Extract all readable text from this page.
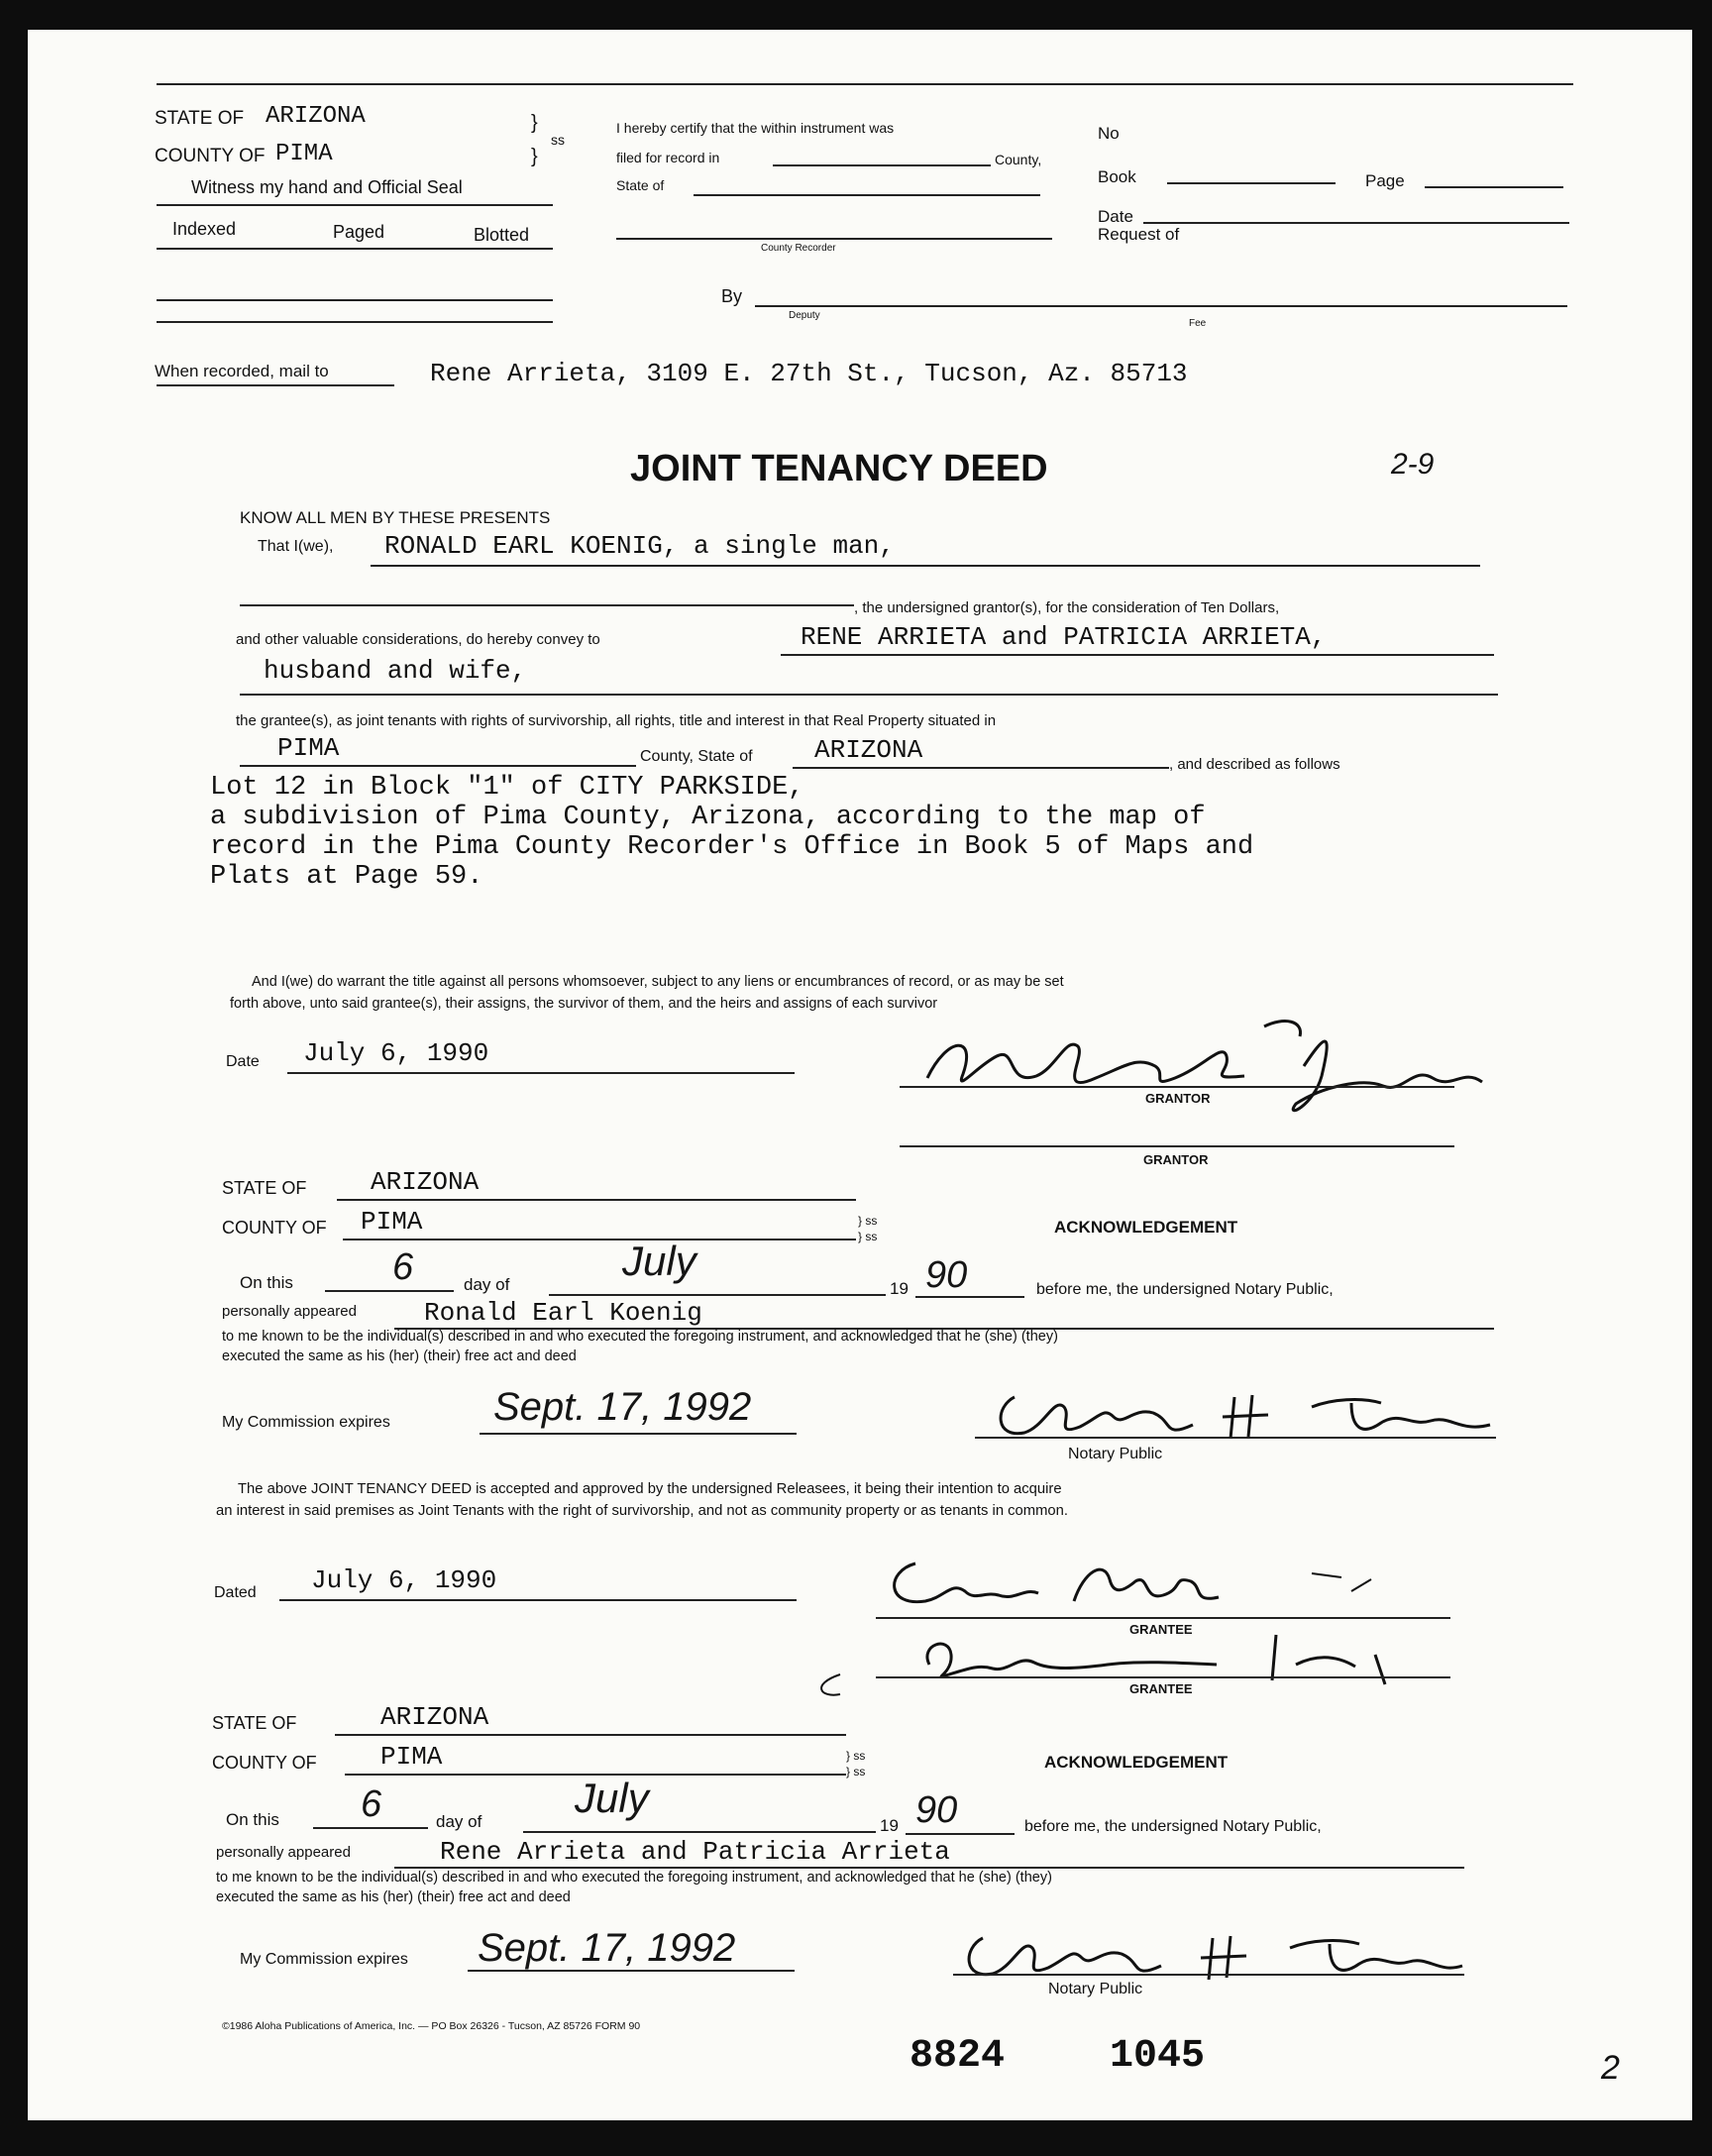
STATE OF ARIZONA
COUNTY OF PIMA
ss
}
}
Witness my hand and Official Seal
Indexed	Paged	Blotted
I hereby certify that the within instrument was
filed for record in	County,
State of
County Recorder
By
Deputy
Fee
No
Book	Page
Date
Request of
When recorded, mail to	Rene Arrieta, 3109 E. 27th St., Tucson, Az. 85713
JOINT TENANCY DEED	2-9
KNOW ALL MEN BY THESE PRESENTS
That I(we), RONALD EARL KOENIG, a single man,
, the undersigned grantor(s), for the consideration of Ten Dollars,
and other valuable considerations, do hereby convey to	RENE ARRIETA and PATRICIA ARRIETA,
husband and wife,
the grantee(s), as joint tenants with rights of survivorship, all rights, title and interest in that Real Property situated in
PIMA	County, State of ARIZONA	, and described as follows
Lot 12 in Block "1" of CITY PARKSIDE,
a subdivision of Pima County, Arizona, according to the map of
record in the Pima County Recorder's Office in Book 5 of Maps and
Plats at Page 59.
And I(we) do warrant the title against all persons whomsoever, subject to any liens or encumbrances of record, or as may be set
forth above, unto said grantee(s), their assigns, the survivor of them, and the heirs and assigns of each survivor
Date July 6, 1990
GRANTOR
GRANTOR
STATE OF ARIZONA
COUNTY OF PIMA	} ss
} ss	ACKNOWLEDGEMENT
On this	6	day of
July
19 90	before me, the undersigned Notary Public,
personally appeared	Ronald Earl Koenig
to me known to be the individual(s) described in and who executed the foregoing instrument, and acknowledged that he (she) (they)
executed the same as his (her) (their) free act and deed
My Commission expires	Sept. 17, 1992
Notary Public
The above JOINT TENANCY DEED is accepted and approved by the undersigned Releasees, it being their intention to acquire
an interest in said premises as Joint Tenants with the right of survivorship, and not as community property or as tenants in common.
Dated July 6, 1990
GRANTEE
GRANTEE
STATE OF	ARIZONA
COUNTY OF PIMA	} ss
} ss	ACKNOWLEDGEMENT
On this 6	day of
July
19 90	before me, the undersigned Notary Public,
personally appeared	Rene Arrieta and Patricia Arrieta
to me known to be the individual(s) described in and who executed the foregoing instrument, and acknowledged that he (she) (they)
executed the same as his (her) (their) free act and deed
My Commission expires Sept. 17, 1992
Notary Public
©1986 Aloha Publications of America, Inc. — PO Box 26326 - Tucson, AZ 85726 FORM 90
8824	1045	2
